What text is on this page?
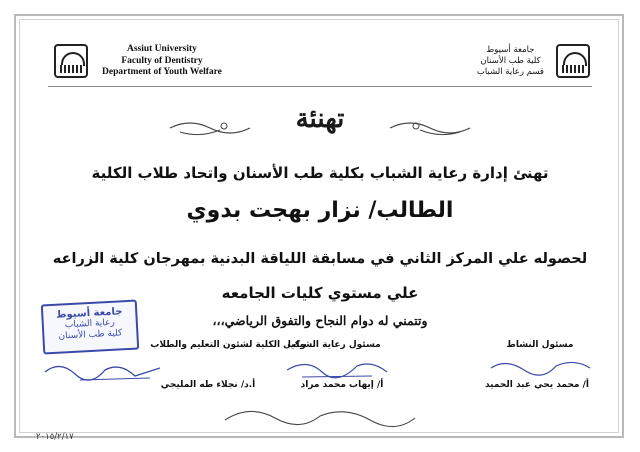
Assiut University
Faculty of Dentistry
Department of Youth Welfare
جامعة أسيوط
كلية طب الأسنان
قسم رعاية الشباب
تهنئة
تهنئ إدارة رعاية الشباب بكلية طب الأسنان واتحاد طلاب الكلية
الطالب/ نزار بهجت بدوي
لحصوله علي المركز الثاني في مسابقة اللياقة البدنية بمهرجان كلية الزراعه
علي مستوي كليات الجامعه
وتتمني له دوام النجاح والتفوق الرياضي،،،
جامعة أسيوط
رعاية الشباب
كلية طب الأسنان
وكيل الكلية لشئون التعليم والطلاب
مسئول رعاية الشباب	مسئول النشاط
أ.د/ نجلاء طه المليجي	أ/ إيهاب محمد مراد	أ/ محمد يحي عبد الحميد
٢٠١٥/٢/١٧
